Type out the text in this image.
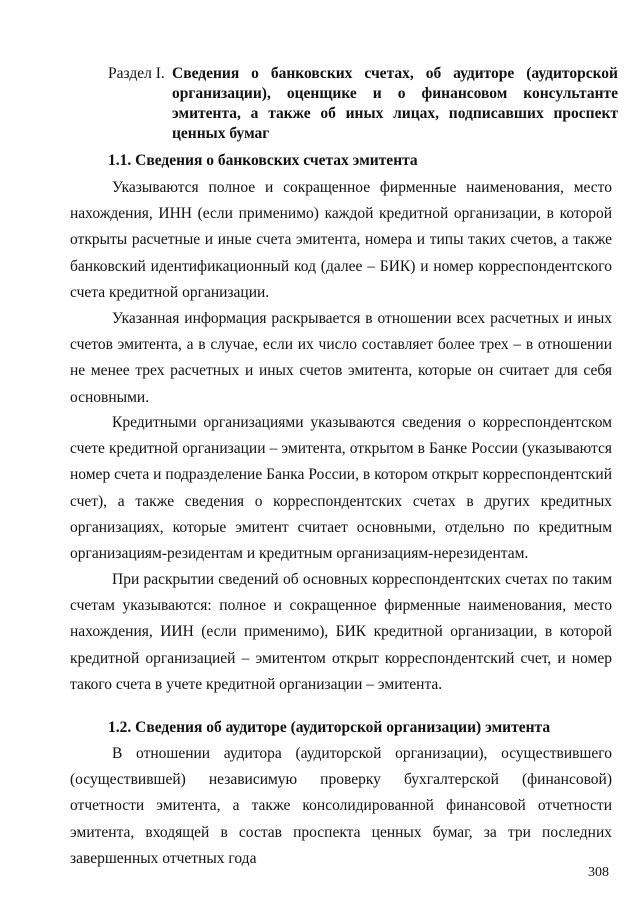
Раздел I. Сведения о банковских счетах, об аудиторе (аудиторской организации), оценщике и о финансовом консультанте эмитента, а также об иных лицах, подписавших проспект ценных бумаг
1.1. Сведения о банковских счетах эмитента

Указываются полное и сокращенное фирменные наименования, место нахождения, ИНН (если применимо) каждой кредитной организации, в которой открыты расчетные и иные счета эмитента, номера и типы таких счетов, а также банковский идентификационный код (далее – БИК) и номер корреспондентского счета кредитной организации.

Указанная информация раскрывается в отношении всех расчетных и иных счетов эмитента, а в случае, если их число составляет более трех – в отношении не менее трех расчетных и иных счетов эмитента, которые он считает для себя основными.

Кредитными организациями указываются сведения о корреспондентском счете кредитной организации – эмитента, открытом в Банке России (указываются номер счета и подразделение Банка России, в котором открыт корреспондентский счет), а также сведения о корреспондентских счетах в других кредитных организациях, которые эмитент считает основными, отдельно по кредитным организациям-резидентам и кредитным организациям-нерезидентам.

При раскрытии сведений об основных корреспондентских счетах по таким счетам указываются: полное и сокращенное фирменные наименования, место нахождения, ИИН (если применимо), БИК кредитной организации, в которой кредитной организацией – эмитентом открыт корреспондентский счет, и номер такого счета в учете кредитной организации – эмитента.

1.2. Сведения об аудиторе (аудиторской организации) эмитента

В отношении аудитора (аудиторской организации), осуществившего (осуществившей) независимую проверку бухгалтерской (финансовой) отчетности эмитента, а также консолидированной финансовой отчетности эмитента, входящей в состав проспекта ценных бумаг, за три последних завершенных отчетных года

308
